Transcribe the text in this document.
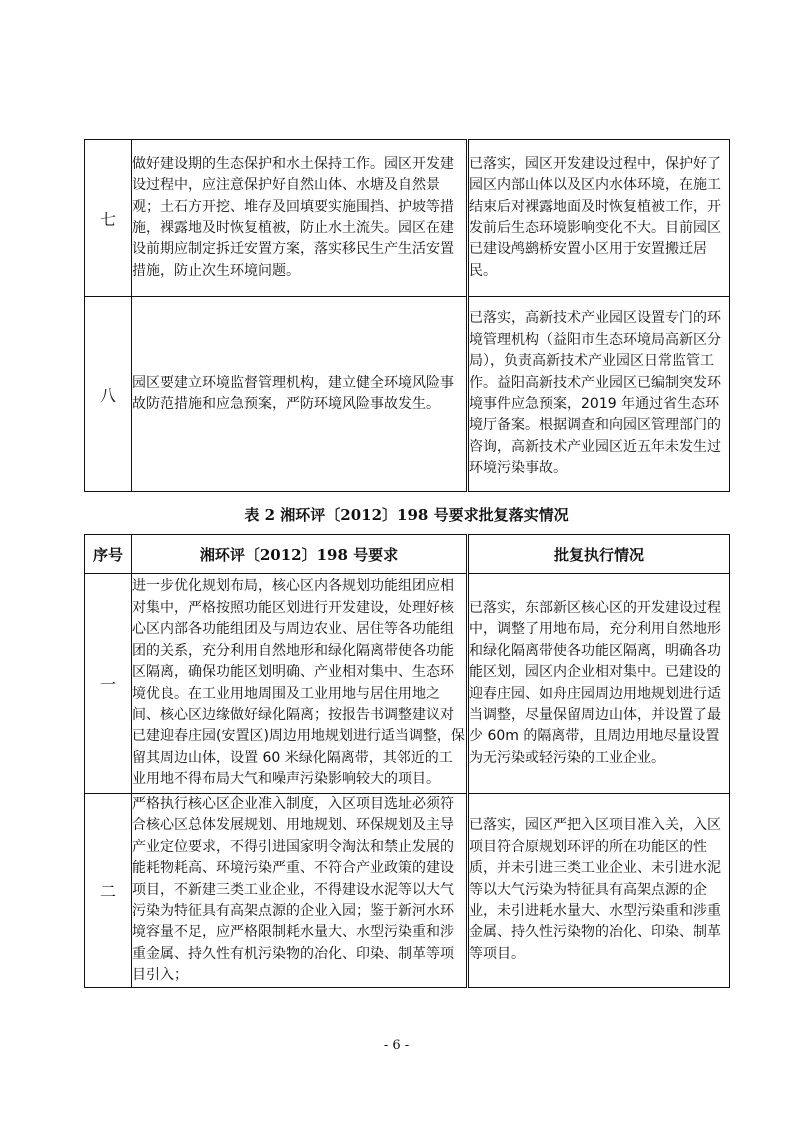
七	做好建设期的生态保护和水土保持工作。园区开发建设过程中，应注意保护好自然山体、水塘及自然景观；土石方开挖、堆存及回填要实施围挡、护坡等措施，裸露地及时恢复植被，防止水土流失。园区在建设前期应制定拆迁安置方案，落实移民生产生活安置措施，防止次生环境问题。	已落实，园区开发建设过程中，保护好了园区内部山体以及区内水体环境，在施工结束后对裸露地面及时恢复植被工作，开发前后生态环境影响变化不大。目前园区已建设鸬鹚桥安置小区用于安置搬迁居民。
八	园区要建立环境监督管理机构，建立健全环境风险事故防范措施和应急预案，严防环境风险事故发生。	已落实，高新技术产业园区设置专门的环境管理机构（益阳市生态环境局高新区分局），负责高新技术产业园区日常监管工作。益阳高新技术产业园区已编制突发环境事件应急预案，2019 年通过省生态环境厅备案。根据调查和向园区管理部门的咨询，高新技术产业园区近五年未发生过环境污染事故。
表 2 湘环评〔2012〕198 号要求批复落实情况
序号	湘环评〔2012〕198 号要求	批复执行情况
一	进一步优化规划布局，核心区内各规划功能组团应相对集中，严格按照功能区划进行开发建设，处理好核心区内部各功能组团及与周边农业、居住等各功能组团的关系，充分利用自然地形和绿化隔离带使各功能区隔离，确保功能区划明确、产业相对集中、生态环境优良。在工业用地周围及工业用地与居住用地之间、核心区边缘做好绿化隔离；按报告书调整建议对已建迎春庄园(安置区)周边用地规划进行适当调整，保留其周边山体，设置 60 米绿化隔离带，其邻近的工业用地不得布局大气和噪声污染影响较大的项目。	已落实，东部新区核心区的开发建设过程中，调整了用地布局，充分利用自然地形和绿化隔离带使各功能区隔离，明确各功能区划，园区内企业相对集中。已建设的迎春庄园、如舟庄园周边用地规划进行适当调整，尽量保留周边山体，并设置了最少 60m 的隔离带，且周边用地尽量设置为无污染或轻污染的工业企业。
二	严格执行核心区企业准入制度，入区项目选址必须符合核心区总体发展规划、用地规划、环保规划及主导产业定位要求，不得引进国家明令淘汰和禁止发展的能耗物耗高、环境污染严重、不符合产业政策的建设项目，不新建三类工业企业，不得建设水泥等以大气污染为特征具有高架点源的企业入园；鉴于新河水环境容量不足，应严格限制耗水量大、水型污染重和涉重金属、持久性有机污染物的冶化、印染、制革等项目引入；	已落实，园区严把入区项目准入关，入区项目符合原规划环评的所在功能区的性质，并未引进三类工业企业、未引进水泥等以大气污染为特征具有高架点源的企业，未引进耗水量大、水型污染重和涉重金属、持久性污染物的冶化、印染、制革等项目。
- 6 -
